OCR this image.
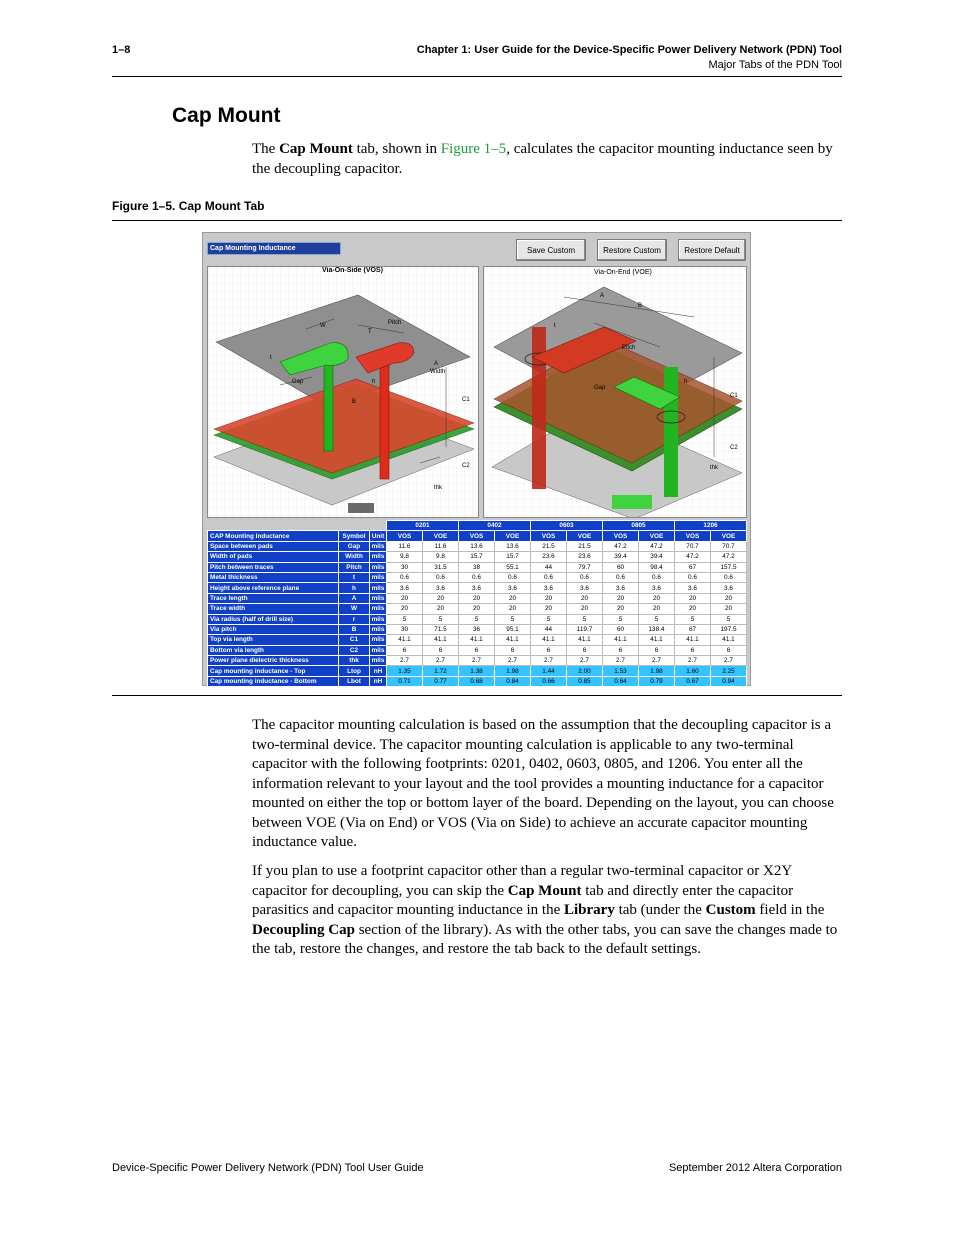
1–8	Chapter 1: User Guide for the Device-Specific Power Delivery Network (PDN) Tool
Major Tabs of the PDN Tool
Cap Mount
The Cap Mount tab, shown in Figure 1–5, calculates the capacitor mounting inductance seen by the decoupling capacitor.
Figure 1–5. Cap Mount Tab
Cap Mounting Inductance	Save Custom	Restore Custom	Restore Default
W
T
Pitch
t
Gap
Width
A
h
B	C1
C2
thk
Via-On-Side (VOS)
A
B
Pitch
Gap
t
h
C1
C2
thk
Via-On-End (VOE)
			0201		0402		0603		0805		1206	
CAP Mounting Inductance	Symbol	Unit	VOS	VOE	VOS	VOE	VOS	VOE	VOS	VOE	VOS	VOE
Space between pads	Gap	mils	11.6	11.6	13.6	13.6	21.5	21.5	47.2	47.2	70.7	70.7
Width of pads	Width	mils	9.8	9.8	15.7	15.7	23.6	23.6	39.4	39.4	47.2	47.2
Pitch between traces	Pitch	mils	30	31.5	38	55.1	44	79.7	60	98.4	67	157.5
Metal thickness	t	mils	0.6	0.6	0.6	0.6	0.6	0.6	0.6	0.6	0.6	0.6
Height above reference plane	h	mils	3.6	3.6	3.6	3.6	3.6	3.6	3.6	3.6	3.6	3.6
Trace length	A	mils	20	20	20	20	20	20	20	20	20	20
Trace width	W	mils	20	20	20	20	20	20	20	20	20	20
Via radius (half of drill size)	r	mils	5	5	5	5	5	5	5	5	5	5
Via pitch	B	mils	30	71.5	36	95.1	44	119.7	60	138.4	67	197.5
Top via length	C1	mils	41.1	41.1	41.1	41.1	41.1	41.1	41.1	41.1	41.1	41.1
Bottom via length	C2	mils	6	6	6	6	6	6	6	6	6	6
Power plane dielectric thickness	thk	mils	2.7	2.7	2.7	2.7	2.7	2.7	2.7	2.7	2.7	2.7
Cap mounting inductance - Top	Ltop	nH	1.35	1.72	1.38	1.98	1.44	2.00	1.53	1.98	1.60	2.25
Cap mounting inductance - Bottom	Lbot	nH	0.71	0.77	0.68	0.84	0.66	0.85	0.64	0.79	0.67	0.94
The capacitor mounting calculation is based on the assumption that the decoupling capacitor is a two-terminal device. The capacitor mounting calculation is applicable to any two-terminal capacitor with the following footprints: 0201, 0402, 0603, 0805, and 1206. You enter all the information relevant to your layout and the tool provides a mounting inductance for a capacitor mounted on either the top or bottom layer of the board. Depending on the layout, you can choose between VOE (Via on End) or VOS (Via on Side) to achieve an accurate capacitor mounting inductance value.
If you plan to use a footprint capacitor other than a regular two-terminal capacitor or X2Y capacitor for decoupling, you can skip the Cap Mount tab and directly enter the capacitor parasitics and capacitor mounting inductance in the Library tab (under the Custom field in the Decoupling Cap section of the library). As with the other tabs, you can save the changes made to the tab, restore the changes, and restore the tab back to the default settings.
Device-Specific Power Delivery Network (PDN) Tool User Guide	September 2012 Altera Corporation
